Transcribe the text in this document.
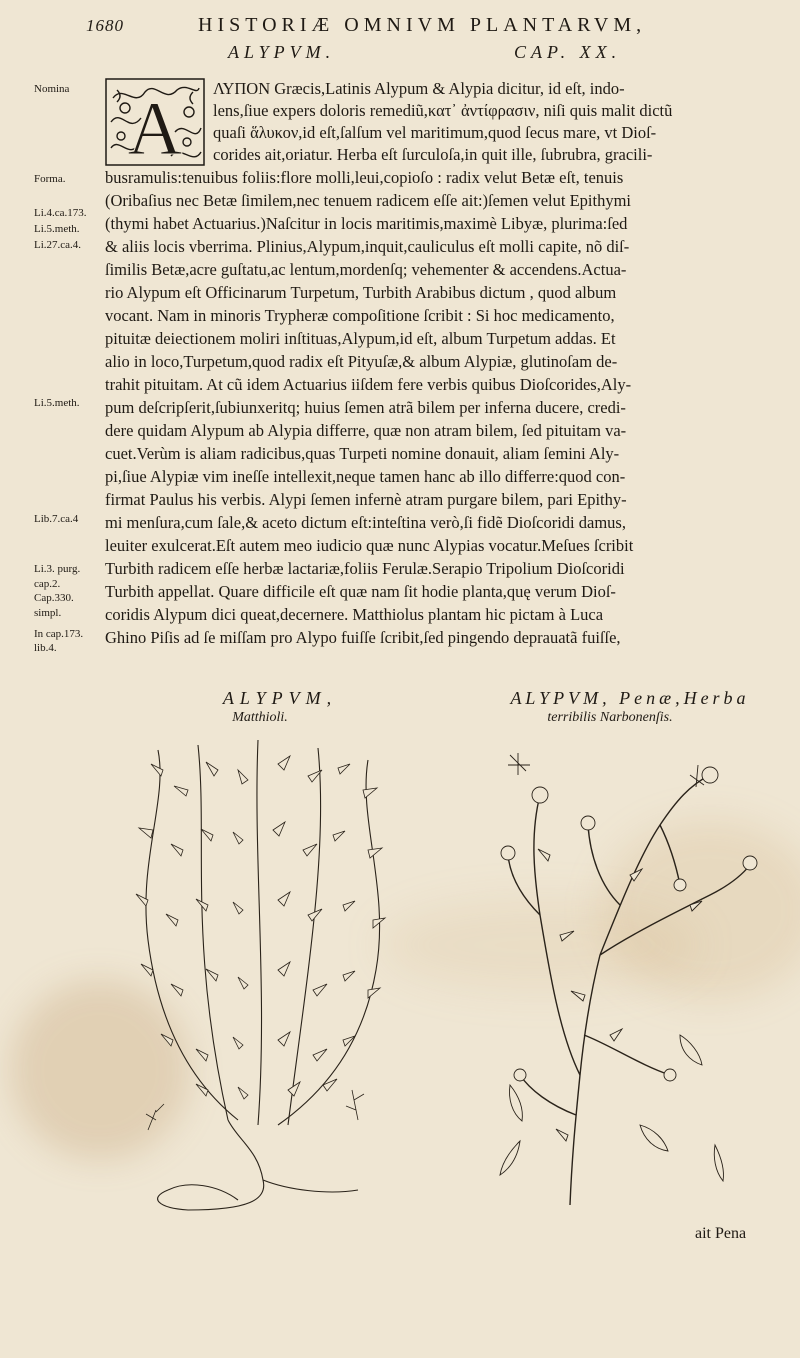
1680	HISTORIÆ OMNIVM PLANTARVM,
ALYPVM.	CAP. XX.
Nomina
Forma.
Li.4.ca.173.
Li.5.meth.
Li.27.ca.4.
Li.5.meth.
Lib.7.ca.4
Li.3. purg.
cap.2.
Cap.330.
simpl.
In cap.173.
lib.4.
A ΛΥΠΟΝ Græcis,Latinis Alypum & Alypia dicitur, id eſt, indo-
lens,ſiue expers doloris remediũ,κατ᾽ ἀντίφρασιν, niſi quis malit dictũ
quaſi ἅλυκον,id eſt,ſalſum vel maritimum,quod ſecus mare, vt Dioſ-
corides ait,oriatur. Herba eſt ſurculoſa,in quit ille, ſubrubra, gracili-
busramulis:tenuibus foliis:flore molli,leui,copioſo : radix velut Betæ eſt, tenuis
(Oribaſius nec Betæ ſimilem,nec tenuem radicem eſſe ait:)ſemen velut Epithymi
(thymi habet Actuarius.)Naſcitur in locis maritimis,maximè Libyæ, plurima:ſed
& aliis locis vberrima. Plinius,Alypum,inquit,cauliculus eſt molli capite, nõ diſ-
ſimilis Betæ,acre guſtatu,ac lentum,mordenſq; vehementer & accendens.Actua-
rio Alypum eſt Officinarum Turpetum, Turbith Arabibus dictum , quod album
vocant. Nam in minoris Trypheræ compoſitione ſcribit : Si hoc medicamento,
pituitæ deiectionem moliri inſtituas,Alypum,id eſt, album Turpetum addas. Et
alio in loco,Turpetum,quod radix eſt Pityuſæ,& album Alypiæ, glutinoſam de-
trahit pituitam. At cũ idem Actuarius iiſdem fere verbis quibus Dioſcorides,Aly-
pum deſcripſerit,ſubiunxeritq; huius ſemen atrã bilem per inferna ducere, credi-
dere quidam Alypum ab Alypia differre, quæ non atram bilem, ſed pituitam va-
cuet.Verùm is aliam radicibus,quas Turpeti nomine donauit, aliam ſemini Aly-
pi,ſiue Alypiæ vim ineſſe intellexit,neque tamen hanc ab illo differre:quod con-
firmat Paulus his verbis. Alypi ſemen infernè atram purgare bilem, pari Epithy-
mi menſura,cum ſale,& aceto dictum eſt:inteſtina verò,ſi fidẽ Dioſcoridi damus,
leuiter exulcerat.Eſt autem meo iudicio quæ nunc Alypias vocatur.Meſues ſcribit
Turbith radicem eſſe herbæ lactariæ,foliis Ferulæ.Serapio Tripolium Dioſcoridi
Turbith appellat. Quare difficile eſt quæ nam ſit hodie planta,quę verum Dioſ-
coridis Alypum dici queat,decernere. Matthiolus plantam hic pictam à Luca
Ghino Piſis ad ſe miſſam pro Alypo fuiſſe ſcribit,ſed pingendo deprauatã fuiſſe,
ALYPVM,
Matthioli.
ALYPVM, Penæ,Herba
terribilis Narbonenſis.
ait Pena
